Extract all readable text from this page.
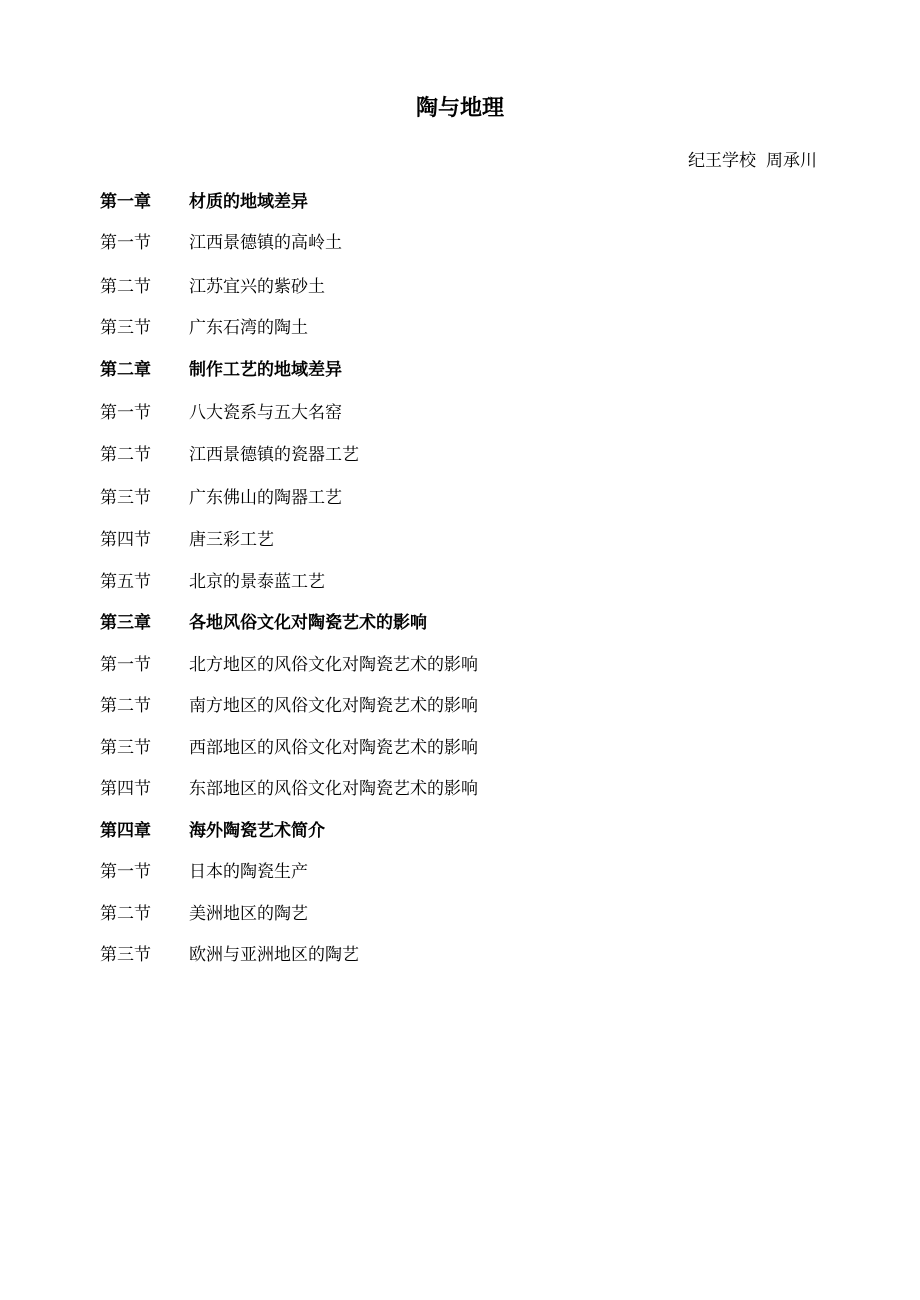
陶与地理
纪王学校 周承川
第一章 材质的地域差异
第一节 江西景德镇的高岭土
第二节 江苏宜兴的紫砂土
第三节 广东石湾的陶土
第二章 制作工艺的地域差异
第一节 八大瓷系与五大名窑
第二节 江西景德镇的瓷器工艺
第三节 广东佛山的陶器工艺
第四节 唐三彩工艺
第五节 北京的景泰蓝工艺
第三章 各地风俗文化对陶瓷艺术的影响
第一节 北方地区的风俗文化对陶瓷艺术的影响
第二节 南方地区的风俗文化对陶瓷艺术的影响
第三节 西部地区的风俗文化对陶瓷艺术的影响
第四节 东部地区的风俗文化对陶瓷艺术的影响
第四章 海外陶瓷艺术简介
第一节 日本的陶瓷生产
第二节 美洲地区的陶艺
第三节 欧洲与亚洲地区的陶艺
